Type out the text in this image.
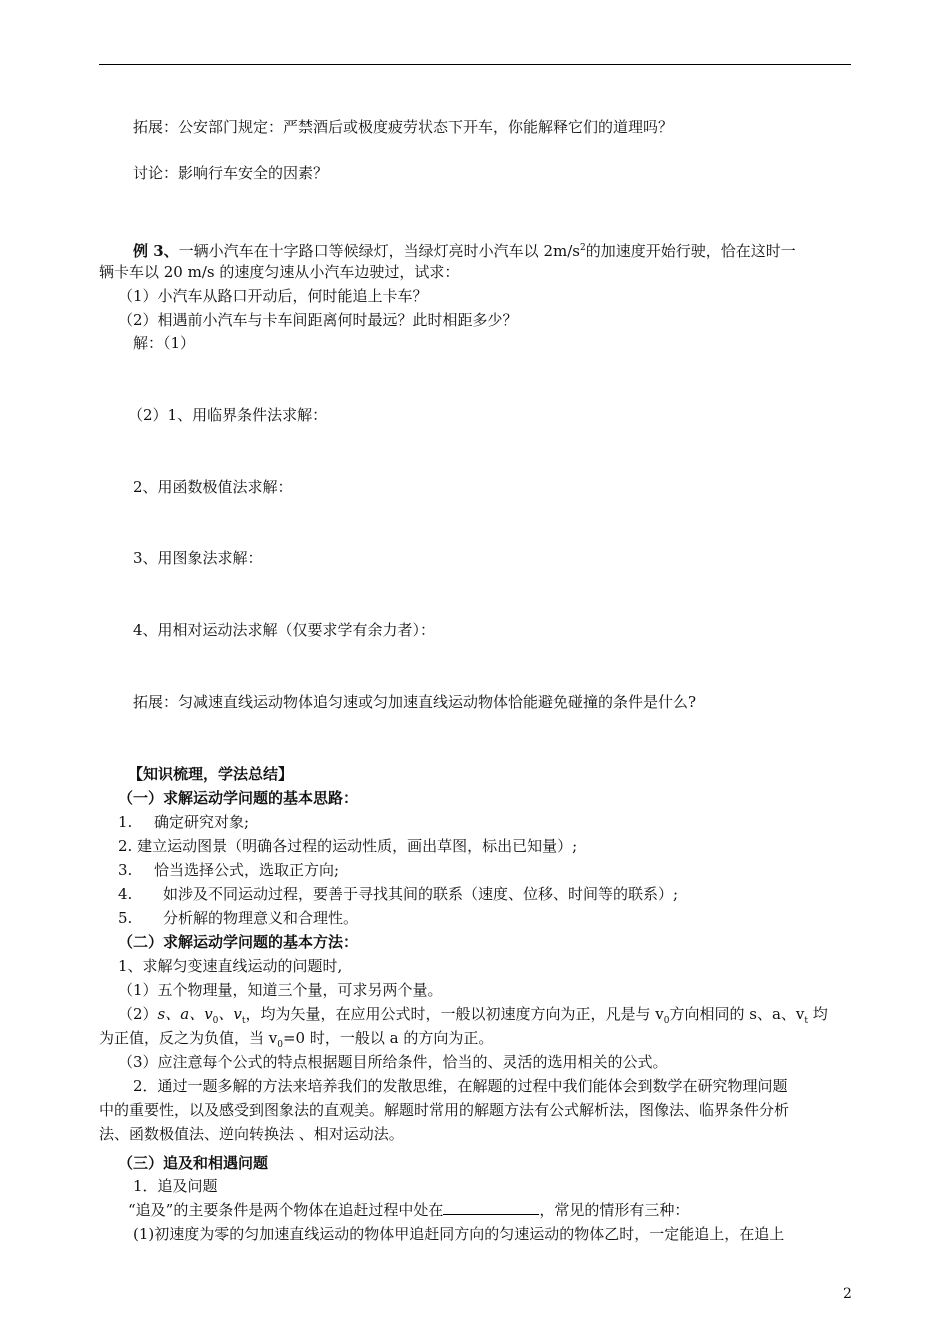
拓展：公安部门规定：严禁酒后或极度疲劳状态下开车，你能解释它们的道理吗？
讨论：影响行车安全的因素？
例 3、一辆小汽车在十字路口等候绿灯，当绿灯亮时小汽车以 $2m/s^2$的加速度开始行驶，恰在这时一
辆卡车以 20 m/s 的速度匀速从小汽车边驶过，试求：
（1）小汽车从路口开动后，何时能追上卡车？
（2）相遇前小汽车与卡车间距离何时最远？此时相距多少？
解：（1）
（2）1、用临界条件法求解：
2、用函数极值法求解：
3、用图象法求解：
4、用相对运动法求解（仅要求学有余力者）：
拓展：匀减速直线运动物体追匀速或匀加速直线运动物体恰能避免碰撞的条件是什么?
【知识梳理，学法总结】
（一）求解运动学问题的基本思路：
1. 确定研究对象;
2. 建立运动图景（明确各过程的运动性质，画出草图，标出已知量）;
3. 恰当选择公式，选取正方向;
4. 如涉及不同运动过程，要善于寻找其间的联系（速度、位移、时间等的联系）;
5. 分析解的物理意义和合理性。
（二）求解运动学问题的基本方法：
1、求解匀变速直线运动的问题时,
（1）五个物理量，知道三个量，可求另两个量。
（2）s、a、$v_0$、$v_t$，均为矢量，在应用公式时，一般以初速度方向为正，凡是与 $v_0$方向相同的 s、a、$v_t$ 均
为正值，反之为负值，当 $v_0=0$ 时，一般以 a 的方向为正。
（3）应注意每个公式的特点根据题目所给条件，恰当的、灵活的选用相关的公式。
2．通过一题多解的方法来培养我们的发散思维，在解题的过程中我们能体会到数学在研究物理问题
中的重要性，以及感受到图象法的直观美。解题时常用的解题方法有公式解析法，图像法、临界条件分析
法、函数极值法、逆向转换法 、相对运动法。
（三）追及和相遇问题
1．追及问题
“追及”的主要条件是两个物体在追赶过程中处在	，常见的情形有三种：
(1)初速度为零的匀加速直线运动的物体甲追赶同方向的匀速运动的物体乙时，一定能追上，在追上
2
